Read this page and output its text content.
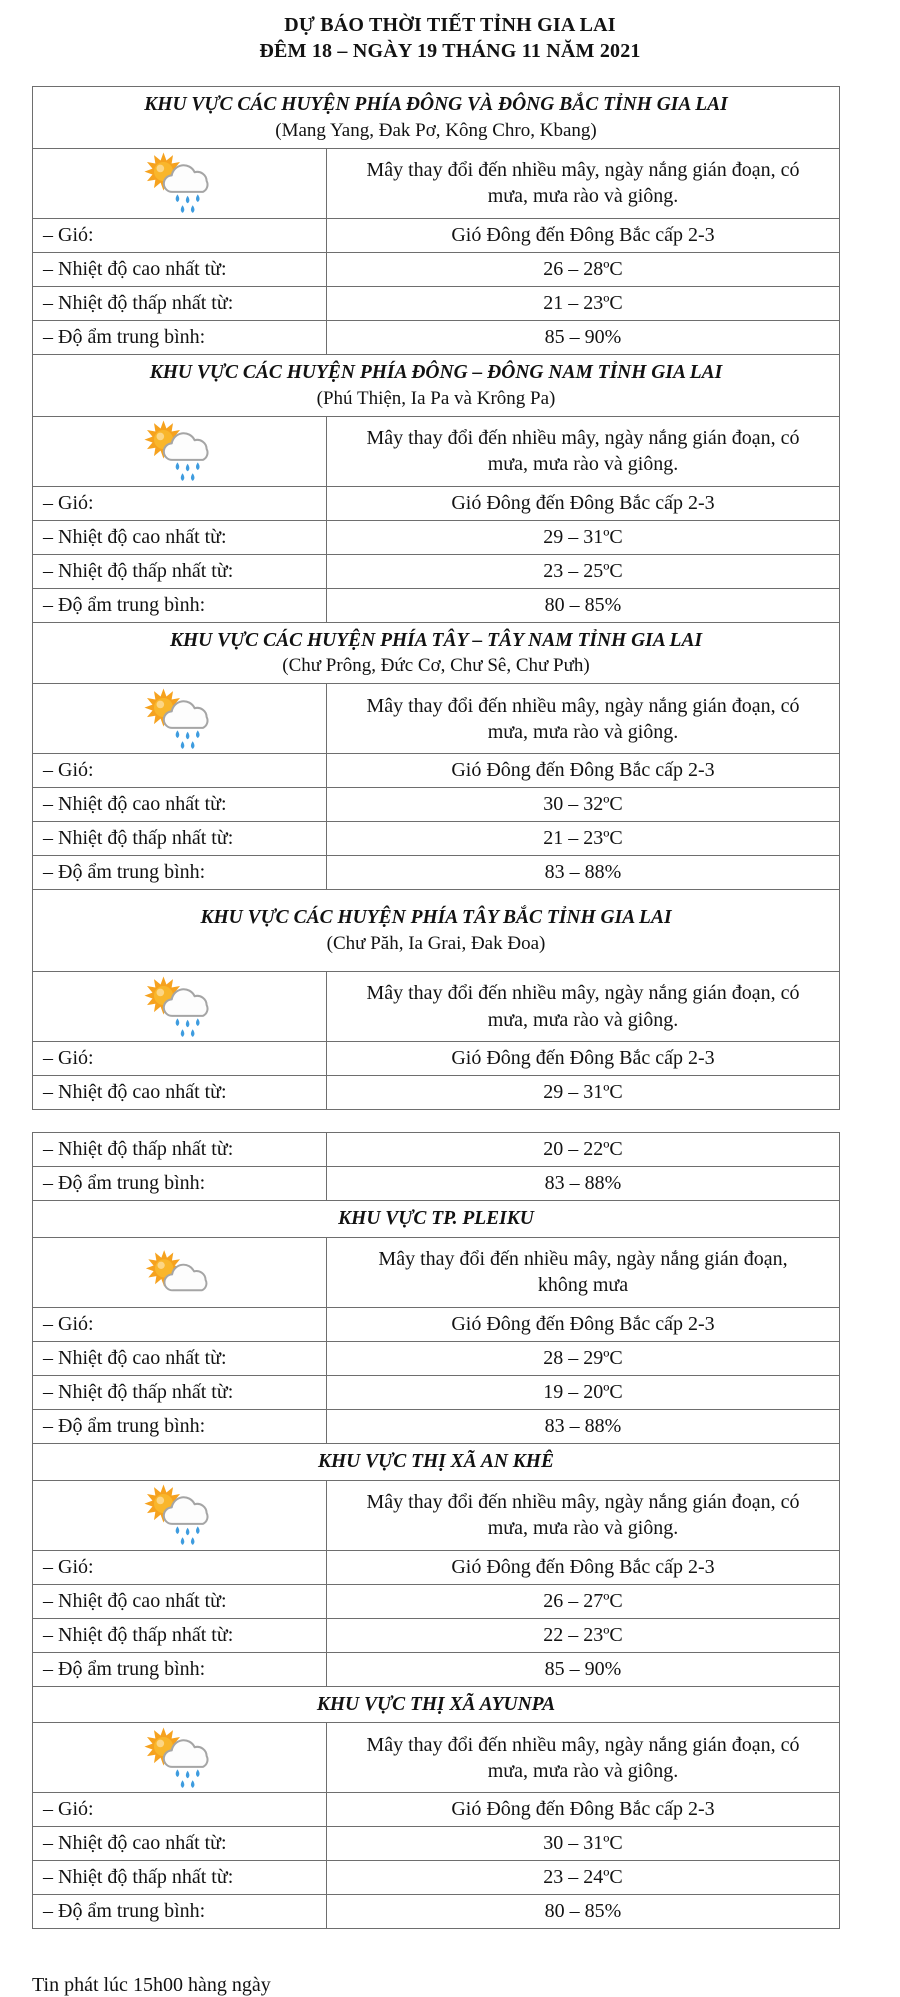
DỰ BÁO THỜI TIẾT TỈNH GIA LAI
ĐÊM 18 – NGÀY 19 THÁNG 11 NĂM 2021
KHU VỰC CÁC HUYỆN PHÍA ĐÔNG VÀ ĐÔNG BẮC TỈNH GIA LAI
(Mang Yang, Đak Pơ, Kông Chro, Kbang)
Mây thay đổi đến nhiều mây, ngày nắng gián đoạn, có mưa, mưa rào và giông.
– Gió:	Gió Đông đến Đông Bắc cấp 2-3
– Nhiệt độ cao nhất từ:	26 – 28ºC
– Nhiệt độ thấp nhất từ:	21 – 23ºC
– Độ ẩm trung bình:	85 – 90%
KHU VỰC CÁC HUYỆN PHÍA ĐÔNG – ĐÔNG NAM TỈNH GIA LAI
(Phú Thiện, Ia Pa và Krông Pa)
Mây thay đổi đến nhiều mây, ngày nắng gián đoạn, có mưa, mưa rào và giông.
– Gió:	Gió Đông đến Đông Bắc cấp 2-3
– Nhiệt độ cao nhất từ:	29 – 31ºC
– Nhiệt độ thấp nhất từ:	23 – 25ºC
– Độ ẩm trung bình:	80 – 85%
KHU VỰC CÁC HUYỆN PHÍA TÂY – TÂY NAM TỈNH GIA LAI
(Chư Prông, Đức Cơ, Chư Sê, Chư Pưh)
Mây thay đổi đến nhiều mây, ngày nắng gián đoạn, có mưa, mưa rào và giông.
– Gió:	Gió Đông đến Đông Bắc cấp 2-3
– Nhiệt độ cao nhất từ:	30 – 32ºC
– Nhiệt độ thấp nhất từ:	21 – 23ºC
– Độ ẩm trung bình:	83 – 88%
KHU VỰC CÁC HUYỆN PHÍA TÂY BẮC TỈNH GIA LAI
(Chư Păh, Ia Grai, Đak Đoa)
Mây thay đổi đến nhiều mây, ngày nắng gián đoạn, có mưa, mưa rào và giông.
– Gió:	Gió Đông đến Đông Bắc cấp 2-3
– Nhiệt độ cao nhất từ:	29 – 31ºC
– Nhiệt độ thấp nhất từ:	20 – 22ºC
– Độ ẩm trung bình:	83 – 88%
KHU VỰC TP. PLEIKU
Mây thay đổi đến nhiều mây, ngày nắng gián đoạn, không mưa
– Gió:	Gió Đông đến Đông Bắc cấp 2-3
– Nhiệt độ cao nhất từ:	28 – 29ºC
– Nhiệt độ thấp nhất từ:	19 – 20ºC
– Độ ẩm trung bình:	83 – 88%
KHU VỰC THỊ XÃ AN KHÊ
Mây thay đổi đến nhiều mây, ngày nắng gián đoạn, có mưa, mưa rào và giông.
– Gió:	Gió Đông đến Đông Bắc cấp 2-3
– Nhiệt độ cao nhất từ:	26 – 27ºC
– Nhiệt độ thấp nhất từ:	22 – 23ºC
– Độ ẩm trung bình:	85 – 90%
KHU VỰC THỊ XÃ AYUNPA
Mây thay đổi đến nhiều mây, ngày nắng gián đoạn, có mưa, mưa rào và giông.
– Gió:	Gió Đông đến Đông Bắc cấp 2-3
– Nhiệt độ cao nhất từ:	30 – 31ºC
– Nhiệt độ thấp nhất từ:	23 – 24ºC
– Độ ẩm trung bình:	80 – 85%
Tin phát lúc 15h00 hàng ngày
